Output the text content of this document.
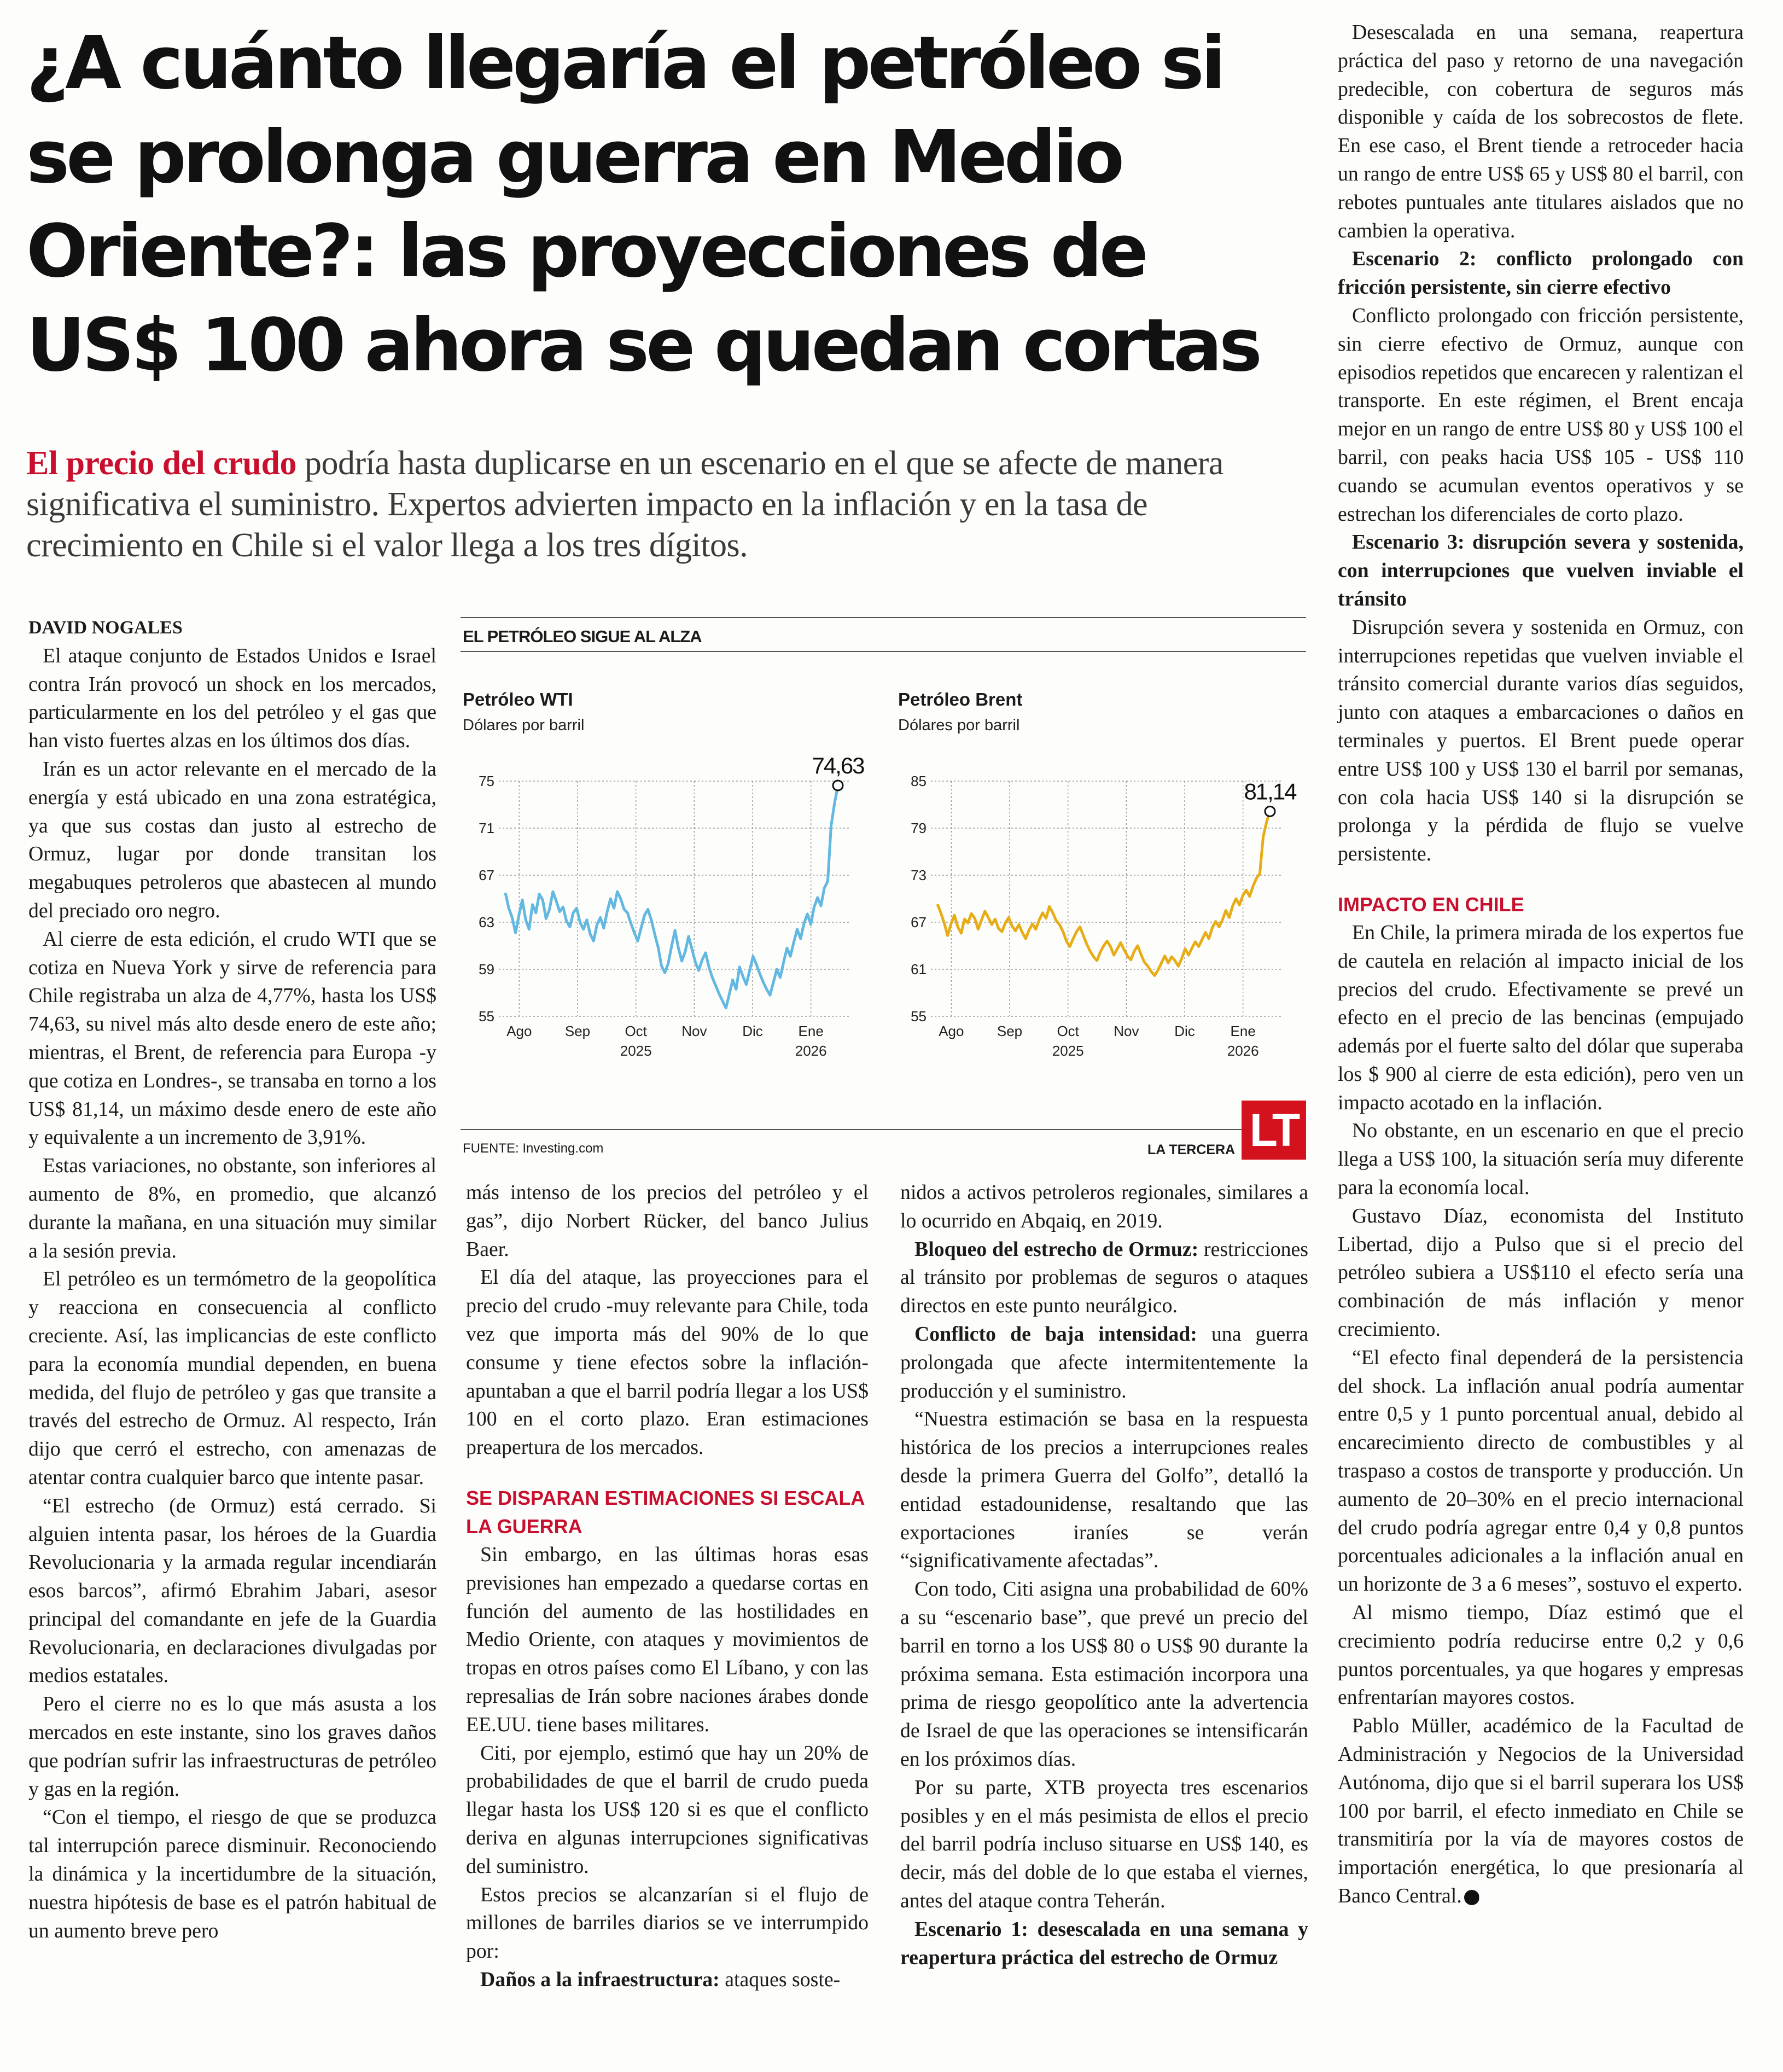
¿A cuánto llegaría el petróleo si se prolonga guerra en Medio Oriente?: las proyecciones de US$ 100 ahora se quedan cortas
El precio del crudo podría hasta duplicarse en un escenario en el que se afecte de manera significativa el suministro. Expertos advierten impacto en la inflación y en la tasa de crecimiento en Chile si el valor llega a los tres dígitos.

DAVID NOGALES

El ataque conjunto de Estados Unidos e Israel contra Irán provocó un shock en los mercados, particularmente en los del petróleo y el gas que han visto fuertes alzas en los últimos dos días.

Irán es un actor relevante en el mercado de la energía y está ubicado en una zona estratégica, ya que sus costas dan justo al estrecho de Ormuz, lugar por donde transitan los megabuques petroleros que abastecen al mundo del preciado oro negro.

Al cierre de esta edición, el crudo WTI que se cotiza en Nueva York y sirve de referencia para Chile registraba un alza de 4,77%, hasta los US$ 74,63, su nivel más alto desde enero de este año; mientras, el Brent, de referencia para Europa -y que cotiza en Londres-, se transaba en torno a los US$ 81,14, un máximo desde enero de este año y equivalente a un incremento de 3,91%.

Estas variaciones, no obstante, son inferiores al aumento de 8%, en promedio, que alcanzó durante la mañana, en una situación muy similar a la sesión previa.

El petróleo es un termómetro de la geopolítica y reacciona en consecuencia al conflicto creciente. Así, las implicancias de este conflicto para la economía mundial dependen, en buena medida, del flujo de petróleo y gas que transite a través del estrecho de Ormuz. Al respecto, Irán dijo que cerró el estrecho, con amenazas de atentar contra cualquier barco que intente pasar.

“El estrecho (de Ormuz) está cerrado. Si alguien intenta pasar, los héroes de la Guardia Revolucionaria y la armada regular incendiarán esos barcos”, afirmó Ebrahim Jabari, asesor principal del comandante en jefe de la Guardia Revolucionaria, en declaraciones divulgadas por medios estatales.

Pero el cierre no es lo que más asusta a los mercados en este instante, sino los graves daños que podrían sufrir las infraestructuras de petróleo y gas en la región.

“Con el tiempo, el riesgo de que se produzca tal interrupción parece disminuir. Reconociendo la dinámica y la incertidumbre de la situación, nuestra hipótesis de base es el patrón habitual de un aumento breve pero

EL PETRÓLEO SIGUE AL ALZA
Petróleo WTI
Dólares por barril
Petróleo Brent
Dólares por barril
55
59
63
67
71
75
Ago Sep Oct
2025
Nov Dic Ene
2026
74,63
55
61
67
73
79
85
Ago Sep Oct
2025
Nov Dic Ene
2026
81,14
FUENTE: Investing.com	LA TERCERA LT

más intenso de los precios del petróleo y el gas”, dijo Norbert Rücker, del banco Julius Baer.

El día del ataque, las proyecciones para el precio del crudo -muy relevante para Chile, toda vez que importa más del 90% de lo que consume y tiene efectos sobre la inflación- apuntaban a que el barril podría llegar a los US$ 100 en el corto plazo. Eran estimaciones preapertura de los mercados.

SE DISPARAN ESTIMACIONES SI ESCALA LA GUERRA

Sin embargo, en las últimas horas esas previsiones han empezado a quedarse cortas en función del aumento de las hostilidades en Medio Oriente, con ataques y movimientos de tropas en otros países como El Líbano, y con las represalias de Irán sobre naciones árabes donde EE.UU. tiene bases militares.

Citi, por ejemplo, estimó que hay un 20% de probabilidades de que el barril de crudo pueda llegar hasta los US$ 120 si es que el conflicto deriva en algunas interrupciones significativas del suministro.

Estos precios se alcanzarían si el flujo de millones de barriles diarios se ve interrumpido por:

Daños a la infraestructura: ataques soste-

nidos a activos petroleros regionales, similares a lo ocurrido en Abqaiq, en 2019.

Bloqueo del estrecho de Ormuz: restricciones al tránsito por problemas de seguros o ataques directos en este punto neurálgico.

Conflicto de baja intensidad: una guerra prolongada que afecte intermitentemente la producción y el suministro.

“Nuestra estimación se basa en la respuesta histórica de los precios a interrupciones reales desde la primera Guerra del Golfo”, detalló la entidad estadounidense, resaltando que las exportaciones iraníes se verán “significativamente afectadas”.

Con todo, Citi asigna una probabilidad de 60% a su “escenario base”, que prevé un precio del barril en torno a los US$ 80 o US$ 90 durante la próxima semana. Esta estimación incorpora una prima de riesgo geopolítico ante la advertencia de Israel de que las operaciones se intensificarán en los próximos días.

Por su parte, XTB proyecta tres escenarios posibles y en el más pesimista de ellos el precio del barril podría incluso situarse en US$ 140, es decir, más del doble de lo que estaba el viernes, antes del ataque contra Teherán.

Escenario 1: desescalada en una semana y reapertura práctica del estrecho de Ormuz

Desescalada en una semana, reapertura práctica del paso y retorno de una navegación predecible, con cobertura de seguros más disponible y caída de los sobrecostos de flete. En ese caso, el Brent tiende a retroceder hacia un rango de entre US$ 65 y US$ 80 el barril, con rebotes puntuales ante titulares aislados que no cambien la operativa.

Escenario 2: conflicto prolongado con fricción persistente, sin cierre efectivo

Conflicto prolongado con fricción persistente, sin cierre efectivo de Ormuz, aunque con episodios repetidos que encarecen y ralentizan el transporte. En este régimen, el Brent encaja mejor en un rango de entre US$ 80 y US$ 100 el barril, con peaks hacia US$ 105 - US$ 110 cuando se acumulan eventos operativos y se estrechan los diferenciales de corto plazo.

Escenario 3: disrupción severa y sostenida, con interrupciones que vuelven inviable el tránsito

Disrupción severa y sostenida en Ormuz, con interrupciones repetidas que vuelven inviable el tránsito comercial durante varios días seguidos, junto con ataques a embarcaciones o daños en terminales y puertos. El Brent puede operar entre US$ 100 y US$ 130 el barril por semanas, con cola hacia US$ 140 si la disrupción se prolonga y la pérdida de flujo se vuelve persistente.

IMPACTO EN CHILE

En Chile, la primera mirada de los expertos fue de cautela en relación al impacto inicial de los precios del crudo. Efectivamente se prevé un efecto en el precio de las bencinas (empujado además por el fuerte salto del dólar que superaba los $ 900 al cierre de esta edición), pero ven un impacto acotado en la inflación.

No obstante, en un escenario en que el precio llega a US$ 100, la situación sería muy diferente para la economía local.

Gustavo Díaz, economista del Instituto Libertad, dijo a Pulso que si el precio del petróleo subiera a US$110 el efecto sería una combinación de más inflación y menor crecimiento.

“El efecto final dependerá de la persistencia del shock. La inflación anual podría aumentar entre 0,5 y 1 punto porcentual anual, debido al encarecimiento directo de combustibles y al traspaso a costos de transporte y producción. Un aumento de 20–30% en el precio internacional del crudo podría agregar entre 0,4 y 0,8 puntos porcentuales adicionales a la inflación anual en un horizonte de 3 a 6 meses”, sostuvo el experto.

Al mismo tiempo, Díaz estimó que el crecimiento podría reducirse entre 0,2 y 0,6 puntos porcentuales, ya que hogares y empresas enfrentarían mayores costos.

Pablo Müller, académico de la Facultad de Administración y Negocios de la Universidad Autónoma, dijo que si el barril superara los US$ 100 por barril, el efecto inmediato en Chile se transmitiría por la vía de mayores costos de importación energética, lo que presionaría al Banco Central. P
